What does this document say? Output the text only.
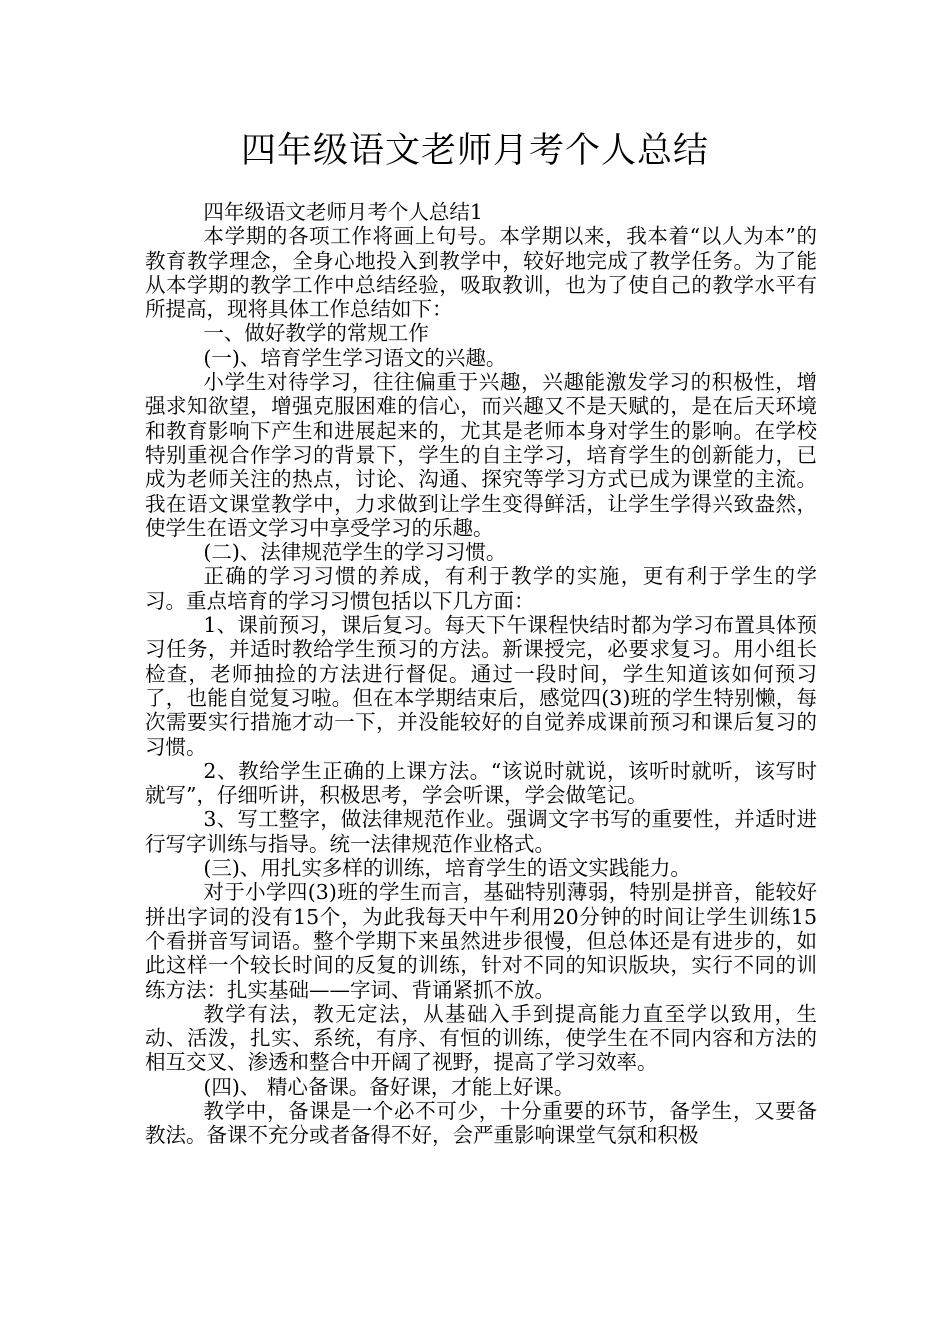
四年级语文老师月考个人总结

四年级语文老师月考个人总结1

本学期的各项工作将画上句号。本学期以来，我本着“以人为本”的教育教学理念，全身心地投入到教学中，较好地完成了教学任务。为了能从本学期的教学工作中总结经验，吸取教训，也为了使自己的教学水平有所提高，现将具体工作总结如下：

一、做好教学的常规工作

(一)、培育学生学习语文的兴趣。

小学生对待学习，往往偏重于兴趣，兴趣能激发学习的积极性，增强求知欲望，增强克服困难的信心，而兴趣又不是天赋的，是在后天环境和教育影响下产生和进展起来的，尤其是老师本身对学生的影响。在学校特别重视合作学习的背景下，学生的自主学习，培育学生的创新能力，已成为老师关注的热点，讨论、沟通、探究等学习方式已成为课堂的主流。我在语文课堂教学中，力求做到让学生变得鲜活，让学生学得兴致盎然，使学生在语文学习中享受学习的乐趣。

(二)、法律规范学生的学习习惯。

正确的学习习惯的养成，有利于教学的实施，更有利于学生的学习。重点培育的学习习惯包括以下几方面：

1、课前预习，课后复习。每天下午课程快结时都为学习布置具体预习任务，并适时教给学生预习的方法。新课授完，必要求复习。用小组长检查，老师抽捡的方法进行督促。通过一段时间，学生知道该如何预习了，也能自觉复习啦。但在本学期结束后，感觉四(3)班的学生特别懒，每次需要实行措施才动一下，并没能较好的自觉养成课前预习和课后复习的习惯。

2、教给学生正确的上课方法。“该说时就说，该听时就听，该写时就写”，仔细听讲，积极思考，学会听课，学会做笔记。

3、写工整字，做法律规范作业。强调文字书写的重要性，并适时进行写字训练与指导。统一法律规范作业格式。

(三)、用扎实多样的训练，培育学生的语文实践能力。

对于小学四(3)班的学生而言，基础特别薄弱，特别是拼音，能较好拼出字词的没有15个，为此我每天中午利用20分钟的时间让学生训练15个看拼音写词语。整个学期下来虽然进步很慢，但总体还是有进步的，如此这样一个较长时间的反复的训练，针对不同的知识版块，实行不同的训练方法：扎实基础——字词、背诵紧抓不放。

教学有法，教无定法，从基础入手到提高能力直至学以致用，生动、活泼，扎实、系统，有序、有恒的训练，使学生在不同内容和方法的相互交叉、渗透和整合中开阔了视野，提高了学习效率。

(四)、 精心备课。备好课，才能上好课。

教学中，备课是一个必不可少，十分重要的环节，备学生，又要备教法。备课不充分或者备得不好，会严重影响课堂气氛和积极
